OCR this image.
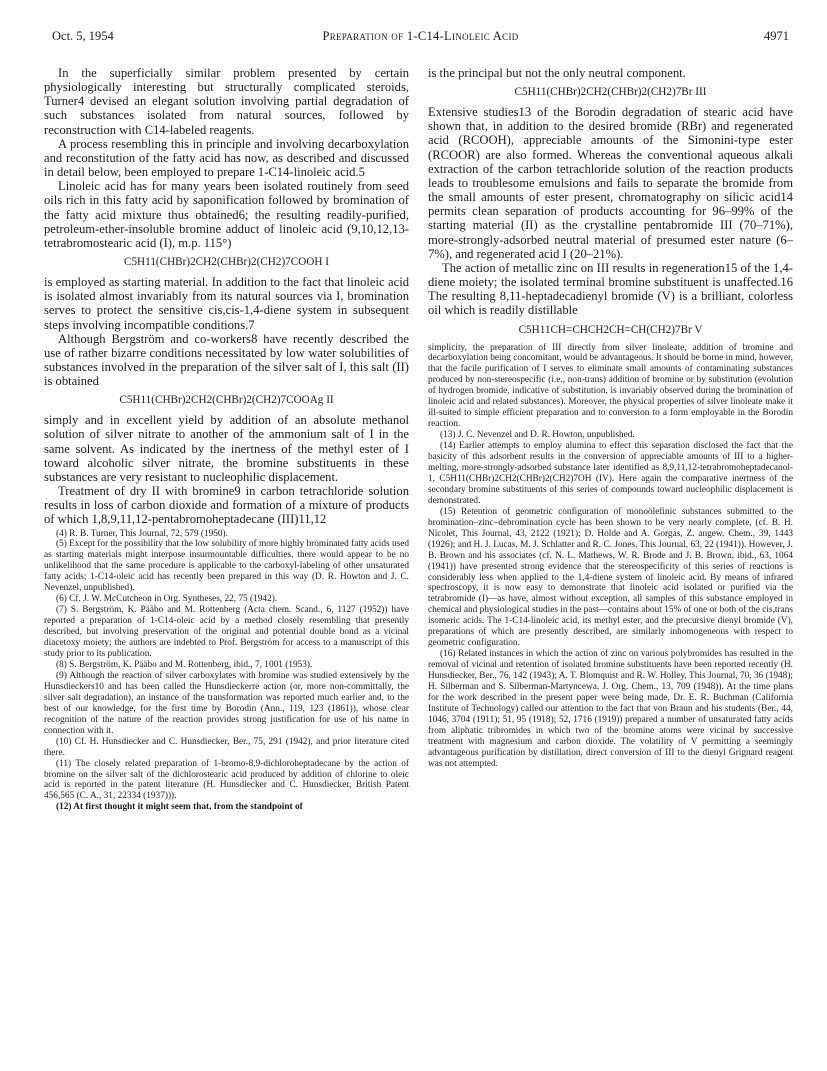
Oct. 5, 1954	Preparation of 1-C14-Linoleic Acid	4971

In the superficially similar problem presented by certain physiologically interesting but structurally complicated steroids, Turner4 devised an elegant solution involving partial degradation of such substances isolated from natural sources, followed by reconstruction with C14-labeled reagents.

A process resembling this in principle and involving decarboxylation and reconstitution of the fatty acid has now, as described and discussed in detail below, been employed to prepare 1-C14-linoleic acid.5

Linoleic acid has for many years been isolated routinely from seed oils rich in this fatty acid by saponification followed by bromination of the fatty acid mixture thus obtained6; the resulting readily-purified, petroleum-ether-insoluble bromine adduct of linoleic acid (9,10,12,13-tetrabromostearic acid (I), m.p. 115°)

C5H11(CHBr)2CH2(CHBr)2(CH2)7COOH I

is employed as starting material. In addition to the fact that linoleic acid is isolated almost invariably from its natural sources via I, bromination serves to protect the sensitive cis,cis-1,4-diene system in subsequent steps involving incompatible conditions.7

Although Bergström and co-workers8 have recently described the use of rather bizarre conditions necessitated by low water solubilities of substances involved in the preparation of the silver salt of I, this salt (II) is obtained

C5H11(CHBr)2CH2(CHBr)2(CH2)7COOAg II

simply and in excellent yield by addition of an absolute methanol solution of silver nitrate to another of the ammonium salt of I in the same solvent. As indicated by the inertness of the methyl ester of I toward alcoholic silver nitrate, the bromine substituents in these substances are very resistant to nucleophilic displacement.

Treatment of dry II with bromine9 in carbon tetrachloride solution results in loss of carbon dioxide and formation of a mixture of products of which 1,8,9,11,12-pentabromoheptadecane (III)11,12

(4) R. B. Turner, This Journal, 72, 579 (1950).

(5) Except for the possibility that the low solubility of more highly brominated fatty acids used as starting materials might interpose insurmountable difficulties, there would appear to be no unlikelihood that the same procedure is applicable to the carboxyl-labeling of other unsaturated fatty acids; 1-C14-oleic acid has recently been prepared in this way (D. R. Howton and J. C. Nevenzel, unpublished).

(6) Cf. J. W. McCutcheon in Org. Syntheses, 22, 75 (1942).

(7) S. Bergström, K. Pääbo and M. Rottenberg (Acta chem. Scand., 6, 1127 (1952)) have reported a preparation of 1-C14-oleic acid by a method closely resembling that presently described, but involving preservation of the original and potential double bond as a vicinal diacetoxy moiety; the authors are indebted to Prof. Bergström for access to a manuscript of this study prior to its publication.

(8) S. Bergström, K. Pääbo and M. Rottenberg, ibid., 7, 1001 (1953).

(9) Although the reaction of silver carboxylates with bromine was studied extensively by the Hunsdieckers10 and has been called the Hunsdieckerre action (or, more non-committally, the silver salt degradation), an instance of the transformation was reported much earlier and, to the best of our knowledge, for the first time by Borodin (Ann., 119, 123 (1861)), whose clear recognition of the nature of the reaction provides strong justification for use of his name in connection with it.

(10) Cf. H. Hunsdiecker and C. Hunsdiecker, Ber., 75, 291 (1942), and prior literature cited there.

(11) The closely related preparation of 1-bromo-8,9-dichloroheptadecane by the action of bromine on the silver salt of the dichlorostearic acid produced by addition of chlorine to oleic acid is reported in the patent literature (H. Hunsdiecker and C. Hunsdiecker, British Patent 456,565 (C. A., 31, 22334 (1937))).

(12) At first thought it might seem that, from the standpoint of

is the principal but not the only neutral component.

C5H11(CHBr)2CH2(CHBr)2(CH2)7Br III

Extensive studies13 of the Borodin degradation of stearic acid have shown that, in addition to the desired bromide (RBr) and regenerated acid (RCOOH), appreciable amounts of the Simonini-type ester (RCOOR) are also formed. Whereas the conventional aqueous alkali extraction of the carbon tetrachloride solution of the reaction products leads to troublesome emulsions and fails to separate the bromide from the small amounts of ester present, chromatography on silicic acid14 permits clean separation of products accounting for 96–99% of the starting material (II) as the crystalline pentabromide III (70–71%), more-strongly-adsorbed neutral material of presumed ester nature (6–7%), and regenerated acid I (20–21%).

The action of metallic zinc on III results in regeneration15 of the 1,4-diene moiety; the isolated terminal bromine substituent is unaffected.16 The resulting 8,11-heptadecadienyl bromide (V) is a brilliant, colorless oil which is readily distillable

C5H11CH=CHCH2CH=CH(CH2)7Br V

simplicity, the preparation of III directly from silver linoleate, addition of bromine and decarboxylation being concomitant, would be advantageous. It should be borne in mind, however, that the facile purification of I serves to eliminate small amounts of contaminating substances produced by non-stereospecific (i.e., non-trans) addition of bromine or by substitution (evolution of hydrogen bromide, indicative of substitution, is invariably observed during the bromination of linoleic acid and related substances). Moreover, the physical properties of silver linoleate make it ill-suited to simple efficient preparation and to conversion to a form employable in the Borodin reaction.

(13) J. C. Nevenzel and D. R. Howton, unpublished.

(14) Earlier attempts to employ alumina to effect this separation disclosed the fact that the basicity of this adsorbent results in the conversion of appreciable amounts of III to a higher-melting, more-strongly-adsorbed substance later identified as 8,9,11,12-tetrabromoheptadecanol-1, C5H11(CHBr)2CH2(CHBr)2(CH2)7OH (IV). Here again the comparative inertness of the secondary bromine substituents of this series of compounds toward nucleophilic displacement is demonstrated.

(15) Retention of geometric configuration of monoölefinic substances submitted to the bromination–zinc–debromination cycle has been shown to be very nearly complete, (cf. B. H. Nicolet, This Journal, 43, 2122 (1921); D. Holde and A. Gorgas, Z. angew. Chem., 39, 1443 (1926); and H. J. Lucas, M. J. Schlatter and R. C. Jones, This Journal, 63, 22 (1941)). However, J. B. Brown and his associates (cf. N. L. Mathews, W. R. Brode and J. B. Brown, ibid., 63, 1064 (1941)) have presented strong evidence that the stereospecificity of this series of reactions is considerably less when applied to the 1,4-diene system of linoleic acid. By means of infrared spectroscopy, it is now easy to demonstrate that linoleic acid isolated or purified via the tetrabromide (I)—as have, almost without exception, all samples of this substance employed in chemical and physiological studies in the past—contains about 15% of one or both of the cis,trans isomeric acids. The 1-C14-linoleic acid, its methyl ester, and the precursive dienyl bromide (V), preparations of which are presently described, are similarly inhomogeneous with respect to geometric configuration.

(16) Related instances in which the action of zinc on various polybromides has resulted in the removal of vicinal and retention of isolated bromine substituents have been reported recently (H. Hunsdiecker, Ber., 76, 142 (1943); A. T. Blomquist and R. W. Holley, This Journal, 70, 36 (1948); H. Silberman and S. Silberman-Martyncewa, J. Org. Chem., 13, 709 (1948)). At the time plans for the work described in the present paper were being made, Dr. E. R. Buchman (California Institute of Technology) called our attention to the fact that von Braun and his students (Ber., 44, 1046, 3704 (1911); 51, 95 (1918); 52, 1716 (1919)) prepared a number of unsaturated fatty acids from aliphatic tribromides in which two of the bromine atoms were vicinal by successive treatment with magnesium and carbon dioxide. The volatility of V permitting a seemingly advantageous purification by distillation, direct conversion of III to the dienyl Grignard reagent was not attempted.
